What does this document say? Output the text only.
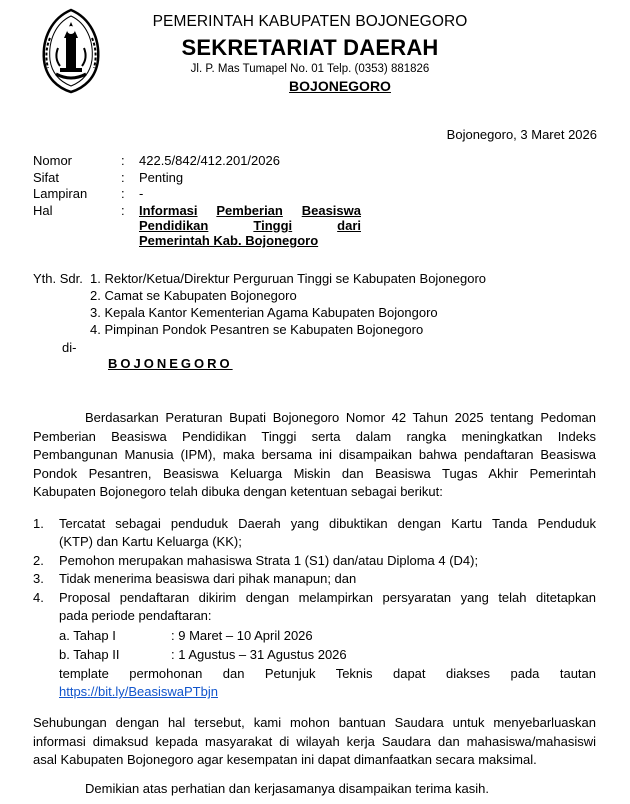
PEMERINTAH KABUPATEN BOJONEGORO
SEKRETARIAT DAERAH
Jl. P. Mas Tumapel No. 01 Telp. (0353) 881826
BOJONEGORO
Bojonegoro, 3 Maret 2026
Nomor	: 422.5/842/412.201/2026
Sifat	: Penting
Lampiran	: -
Hal	: Informasi Pemberian Beasiswa
Pendidikan	Tinggi	dari
Pemerintah Kab. Bojonegoro
Yth. Sdr. 1. Rektor/Ketua/Direktur Perguruan Tinggi se Kabupaten Bojonegoro
2. Camat se Kabupaten Bojonegoro
3. Kepala Kantor Kementerian Agama Kabupaten Bojongoro
4. Pimpinan Pondok Pesantren se Kabupaten Bojonegoro
di-
BOJONEGORO
Berdasarkan Peraturan Bupati Bojonegoro Nomor 42 Tahun 2025 tentang Pedoman
Pemberian Beasiswa Pendidikan Tinggi serta dalam rangka meningkatkan Indeks
Pembangunan Manusia (IPM), maka bersama ini disampaikan bahwa pendaftaran Beasiswa
Pondok Pesantren, Beasiswa Keluarga Miskin dan Beasiswa Tugas Akhir Pemerintah
Kabupaten Bojonegoro telah dibuka dengan ketentuan sebagai berikut:
1. Tercatat sebagai penduduk Daerah yang dibuktikan dengan Kartu Tanda Penduduk
(KTP) dan Kartu Keluarga (KK);
2. Pemohon merupakan mahasiswa Strata 1 (S1) dan/atau Diploma 4 (D4);
3. Tidak menerima beasiswa dari pihak manapun; dan
4. Proposal pendaftaran dikirim dengan melampirkan persyaratan yang telah ditetapkan
pada periode pendaftaran:
a. Tahap I	: 9 Maret – 10 April 2026
b. Tahap II	: 1 Agustus – 31 Agustus 2026
template permohonan dan Petunjuk Teknis dapat diakses pada tautan
https://bit.ly/BeasiswaPTbjn
Sehubungan dengan hal tersebut, kami mohon bantuan Saudara untuk menyebarluaskan
informasi dimaksud kepada masyarakat di wilayah kerja Saudara dan mahasiswa/mahasiswi
asal Kabupaten Bojonegoro agar kesempatan ini dapat dimanfaatkan secara maksimal.
Demikian atas perhatian dan kerjasamanya disampaikan terima kasih.
